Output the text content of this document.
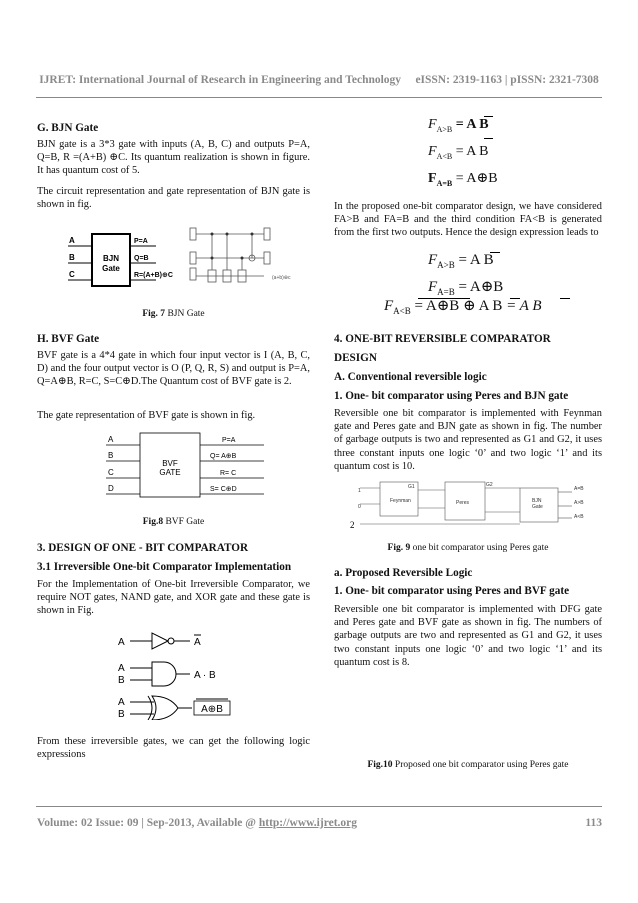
IJRET: International Journal of Research in Engineering and Technology eISSN: 2319-1163 | pISSN: 2321-7308
G. BJN Gate

BJN gate is a 3*3 gate with inputs (A, B, C) and outputs P=A, Q=B, R =(A+B) ⊕C. Its quantum realization is shown in figure. It has quantum cost of 5.

The circuit representation and gate representation of BJN gate is shown in fig.

A
B
C
BJN
Gate
P=A
Q=B
R=(A+B)⊕C	(a+b)⊕c
Fig. 7 BJN Gate
H. BVF Gate

BVF gate is a 4*4 gate in which four input vector is I (A, B, C, D) and the four output vector is O (P, Q, R, S) and output is P=A, Q=A⊕B, R=C, S=C⊕D.The Quantum cost of BVF gate is 2.

The gate representation of BVF gate is shown in fig.

A
B
C
D
BVF
GATE
P=A
Q= A⊕B
R= C
S= C⊕D
Fig.8 BVF Gate
3. DESIGN OF ONE - BIT COMPARATOR
3.1 Irreversible One-bit Comparator Implementation

For the Implementation of One-bit Irreversible Comparator, we require NOT gates, NAND gate, and XOR gate and these gate is shown in Fig.

A
A
B
A
B
A
A · B
A⊕B

From these irreversible gates, we can get the following logic expressions

$F_{A>B} = A$ B
$F_{A<B} = A$ B
$F_{A=B}$ = A⊕B

In the proposed one-bit comparator design, we have considered FA>B and FA=B and the third condition FA<B is generated from the first two outputs. Hence the design expression leads to

$F_{A>B} = A$ B
$F_{A=B}$ = A⊕B
$F_{A<B}$ = A⊕B ⊕ A B = A B
4. ONE-BIT REVERSIBLE COMPARATOR
DESIGN
A. Conventional reversible logic
1. One- bit comparator using Peres and BJN gate

Reversible one bit comparator is implemented with Feynman gate and Peres gate and BJN gate as shown in fig. The number of garbage outputs is two and represented as G1 and G2, it uses three constant inputs one logic ‘0’ and two logic ‘1’ and its quantum cost is 10.

1
0
G1	G2
A=B
A>B
A<B
2
Feynman	Peres	BJN
Gate
Fig. 9 one bit comparator using Peres gate
a. Proposed Reversible Logic
1. One- bit comparator using Peres and BVF gate

Reversible one bit comparator is implemented with DFG gate and Peres gate and BVF gate as shown in fig. The numbers of garbage outputs are two and represented as G1 and G2, it uses two constant inputs one logic ‘0’ and two logic ‘1’ and its quantum cost is 8.

Fig.10 Proposed one bit comparator using Peres gate
Volume: 02 Issue: 09 | Sep-2013, Available @ http://www.ijret.org	113
